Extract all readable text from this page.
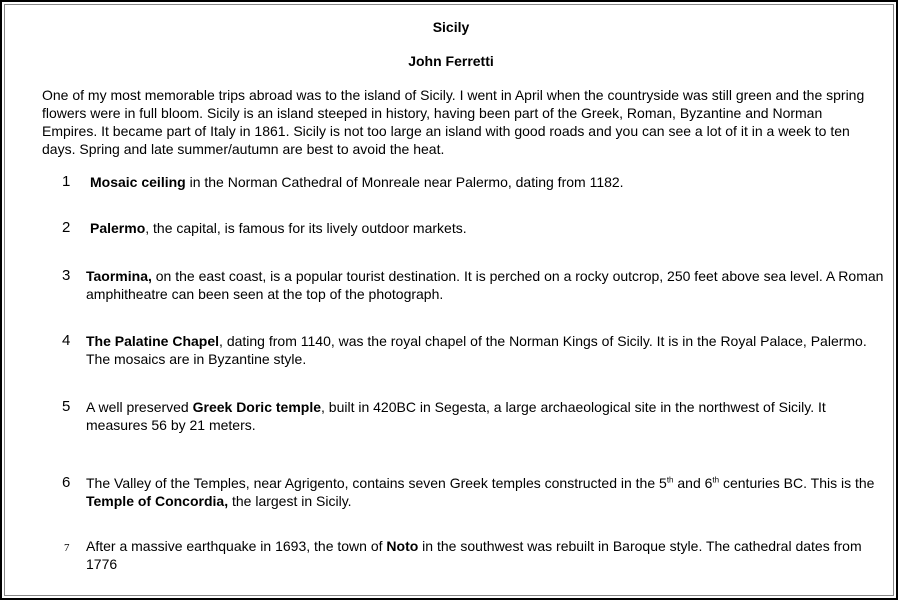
Sicily
John Ferretti
One of my most memorable trips abroad was to the island of Sicily. I went in April when the countryside was still green and the spring flowers were in full bloom. Sicily is an island steeped in history, having been part of the Greek, Roman, Byzantine and Norman Empires. It became part of Italy in 1861. Sicily is not too large an island with good roads and you can see a lot of it in a week to ten days. Spring and late summer/autumn are best to avoid the heat.
1 Mosaic ceiling in the Norman Cathedral of Monreale near Palermo, dating from 1182.
2 Palermo, the capital, is famous for its lively outdoor markets.
3 Taormina, on the east coast, is a popular tourist destination. It is perched on a rocky outcrop, 250 feet above sea level. A Roman amphitheatre can been seen at the top of the photograph.
4 The Palatine Chapel, dating from 1140, was the royal chapel of the Norman Kings of Sicily. It is in the Royal Palace, Palermo. The mosaics are in Byzantine style.
5 A well preserved Greek Doric temple, built in 420BC in Segesta, a large archaeological site in the northwest of Sicily. It measures 56 by 21 meters.
6 The Valley of the Temples, near Agrigento, contains seven Greek temples constructed in the 5th and 6th centuries BC. This is the Temple of Concordia, the largest in Sicily.
7 After a massive earthquake in 1693, the town of Noto in the southwest was rebuilt in Baroque style. The cathedral dates from 1776
